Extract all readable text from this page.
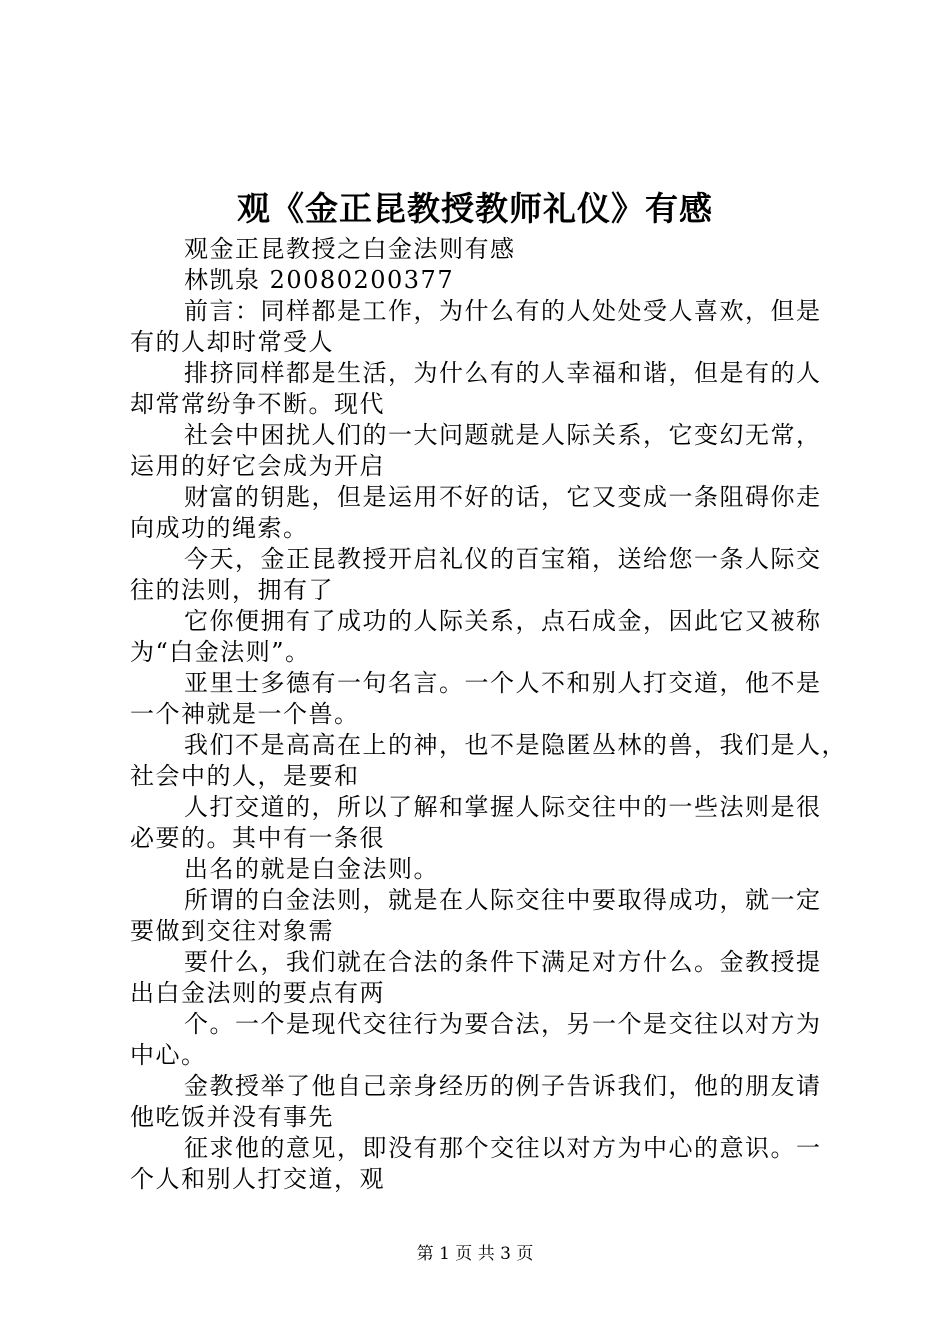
观《金正昆教授教师礼仪》有感
观金正昆教授之白金法则有感
林凯泉 20080200377
前言：同样都是工作，为什么有的人处处受人喜欢，但是
有的人却时常受人
排挤同样都是生活，为什么有的人幸福和谐，但是有的人
却常常纷争不断。现代
社会中困扰人们的一大问题就是人际关系，它变幻无常，
运用的好它会成为开启
财富的钥匙，但是运用不好的话，它又变成一条阻碍你走
向成功的绳索。
今天，金正昆教授开启礼仪的百宝箱，送给您一条人际交
往的法则，拥有了
它你便拥有了成功的人际关系，点石成金，因此它又被称
为“白金法则”。
亚里士多德有一句名言。一个人不和别人打交道，他不是
一个神就是一个兽。
我们不是高高在上的神，也不是隐匿丛林的兽，我们是人，
社会中的人，是要和
人打交道的，所以了解和掌握人际交往中的一些法则是很
必要的。其中有一条很
出名的就是白金法则。
所谓的白金法则，就是在人际交往中要取得成功，就一定
要做到交往对象需
要什么，我们就在合法的条件下满足对方什么。金教授提
出白金法则的要点有两
个。一个是现代交往行为要合法，另一个是交往以对方为
中心。
金教授举了他自己亲身经历的例子告诉我们，他的朋友请
他吃饭并没有事先
征求他的意见，即没有那个交往以对方为中心的意识。一
个人和别人打交道，观
第 1 页 共 3 页
